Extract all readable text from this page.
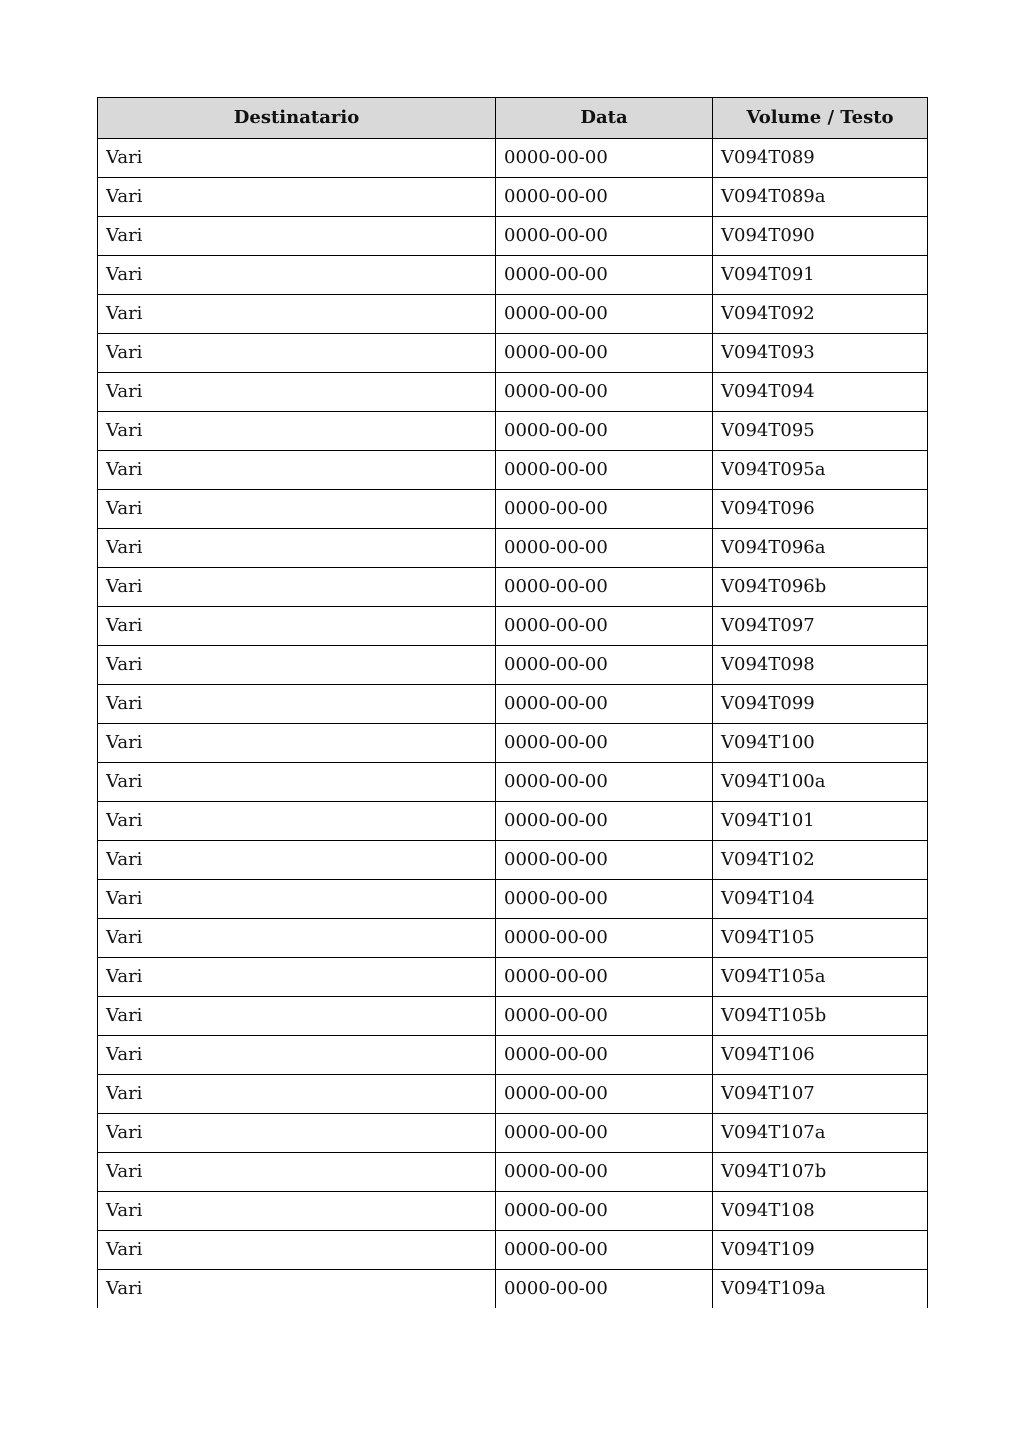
Destinatario	Data	Volume / Testo
Vari	0000-00-00	V094T089
Vari	0000-00-00	V094T089a
Vari	0000-00-00	V094T090
Vari	0000-00-00	V094T091
Vari	0000-00-00	V094T092
Vari	0000-00-00	V094T093
Vari	0000-00-00	V094T094
Vari	0000-00-00	V094T095
Vari	0000-00-00	V094T095a
Vari	0000-00-00	V094T096
Vari	0000-00-00	V094T096a
Vari	0000-00-00	V094T096b
Vari	0000-00-00	V094T097
Vari	0000-00-00	V094T098
Vari	0000-00-00	V094T099
Vari	0000-00-00	V094T100
Vari	0000-00-00	V094T100a
Vari	0000-00-00	V094T101
Vari	0000-00-00	V094T102
Vari	0000-00-00	V094T104
Vari	0000-00-00	V094T105
Vari	0000-00-00	V094T105a
Vari	0000-00-00	V094T105b
Vari	0000-00-00	V094T106
Vari	0000-00-00	V094T107
Vari	0000-00-00	V094T107a
Vari	0000-00-00	V094T107b
Vari	0000-00-00	V094T108
Vari	0000-00-00	V094T109
Vari	0000-00-00	V094T109a
